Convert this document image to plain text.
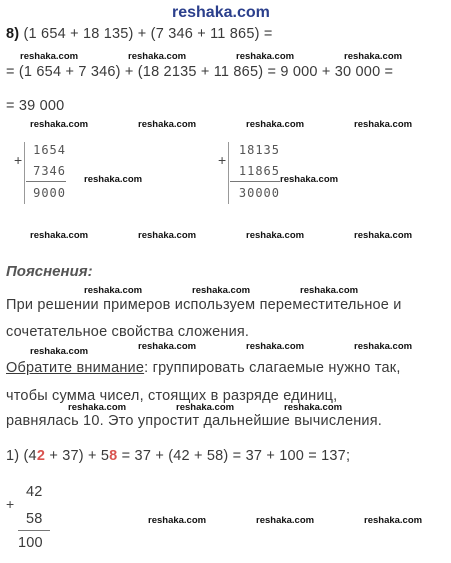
reshaka.com
8) (1 654 + 18 135) + (7 346 + 11 865) =
reshaka.com	reshaka.com	reshaka.com	reshaka.com
= (1 654 + 7 346) + (18 2135 + 11 865) = 9 000 + 30 000 =
= 39 000
reshaka.com	reshaka.com	reshaka.com	reshaka.com
+
1654
7346
9000
reshaka.com
+
18135
11865
30000
reshaka.com
reshaka.com	reshaka.com	reshaka.com	reshaka.com
Пояснения:
reshaka.com	reshaka.com	reshaka.com
При решении примеров используем переместительное и
сочетательное свойства сложения.
reshaka.com	reshaka.com	reshaka.com	reshaka.com
Обратите внимание: группировать слагаемые нужно так,
чтобы сумма чисел, стоящих в разряде единиц,
reshaka.com	reshaka.com	reshaka.com
равнялась 10. Это упростит дальнейшие вычисления.
1) (42 + 37) + 58 = 37 + (42 + 58) = 37 + 100 = 137;
+
42
58
100
reshaka.com	reshaka.com	reshaka.com
